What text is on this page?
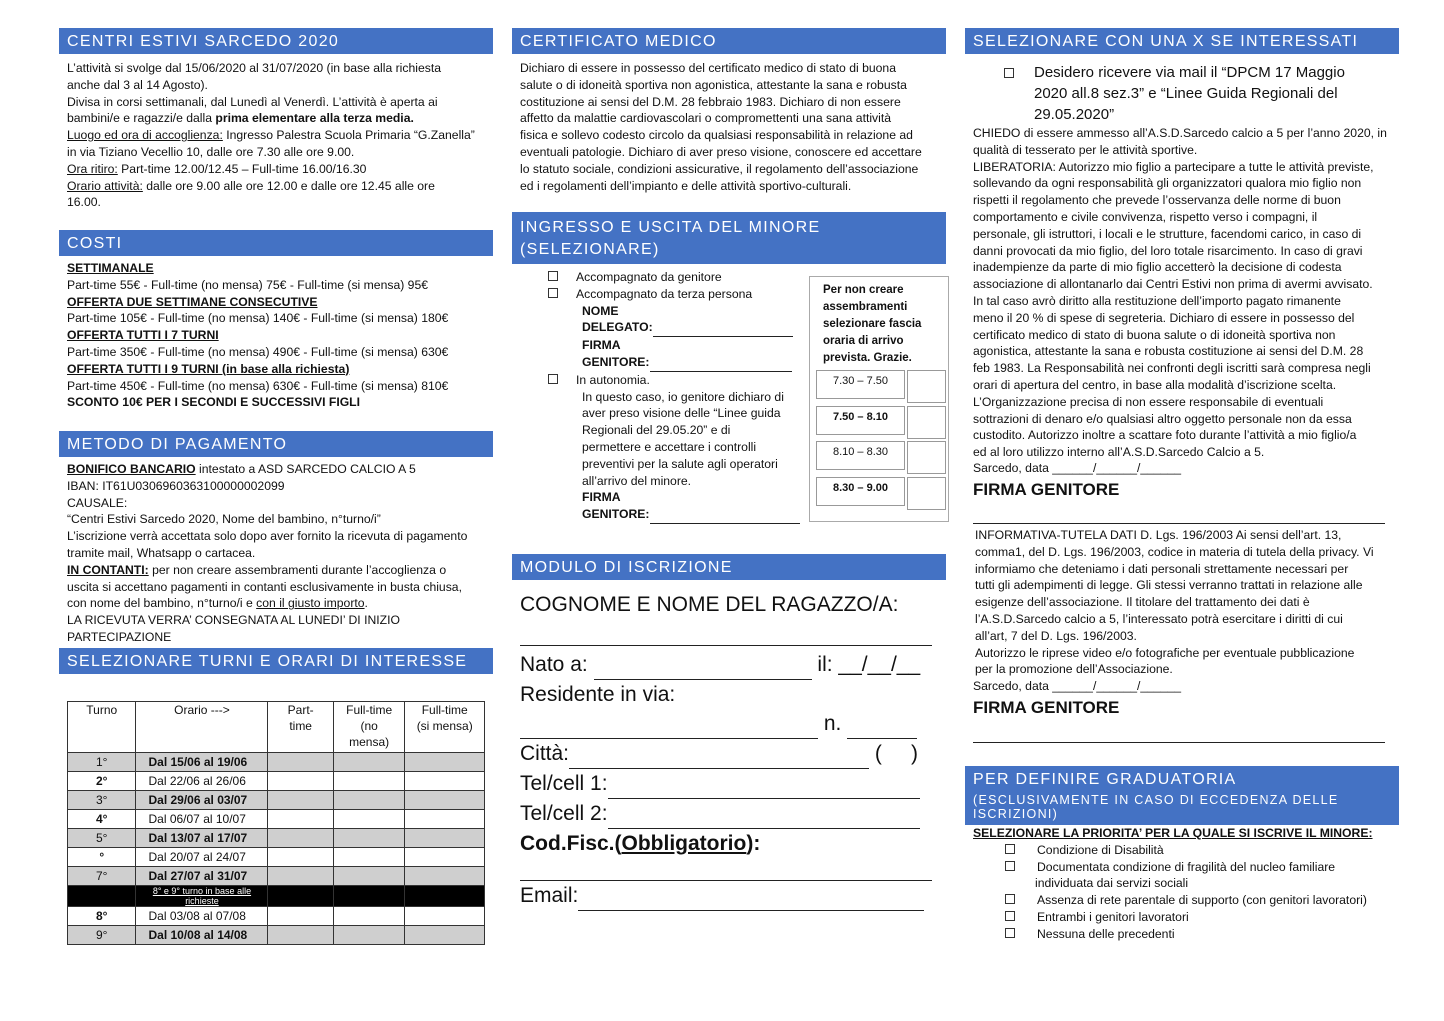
CENTRI ESTIVI SARCEDO 2020

L’attività si svolge dal 15/06/2020 al 31/07/2020 (in base alla richiesta

anche dal 3 al 14 Agosto).

Divisa in corsi settimanali, dal Lunedì al Venerdì. L’attività è aperta ai

bambini/e e ragazzi/e dalla prima elementare alla terza media.

Luogo ed ora di accoglienza: Ingresso Palestra Scuola Primaria “G.Zanella”

in via Tiziano Vecellio 10, dalle ore 7.30 alle ore 9.00.

Ora ritiro: Part-time 12.00/12.45 – Full-time 16.00/16.30

Orario attività: dalle ore 9.00 alle ore 12.00 e dalle ore 12.45 alle ore

16.00.

COSTI

SETTIMANALE

Part-time 55€ - Full-time (no mensa) 75€ - Full-time (si mensa) 95€

OFFERTA DUE SETTIMANE CONSECUTIVE

Part-time 105€ - Full-time (no mensa) 140€ - Full-time (si mensa) 180€

OFFERTA TUTTI I 7 TURNI

Part-time 350€ - Full-time (no mensa) 490€ - Full-time (si mensa) 630€

OFFERTA TUTTI I 9 TURNI (in base alla richiesta)

Part-time 450€ - Full-time (no mensa) 630€ - Full-time (si mensa) 810€

SCONTO 10€ PER I SECONDI E SUCCESSIVI FIGLI

METODO DI PAGAMENTO

BONIFICO BANCARIO intestato a ASD SARCEDO CALCIO A 5

IBAN: IT61U0306960363100000002099

CAUSALE:

“Centri Estivi Sarcedo 2020, Nome del bambino, n°turno/i”

L’iscrizione verrà accettata solo dopo aver fornito la ricevuta di pagamento

tramite mail, Whatsapp o cartacea.

IN CONTANTI: per non creare assembramenti durante l’accoglienza o

uscita si accettano pagamenti in contanti esclusivamente in busta chiusa,

con nome del bambino, n°turno/i e con il giusto importo.

LA RICEVUTA VERRA’ CONSEGNATA AL LUNEDI’ DI INIZIO PARTECIPAZIONE

SELEZIONARE TURNI E ORARI DI INTERESSE
Turno	Orario --->	Part-
time	Full-time
(no
mensa)	Full-time
(si mensa)
1°	Dal 15/06 al 19/06			
2°	Dal 22/06 al 26/06			
3°	Dal 29/06 al 03/07			
4°	Dal 06/07 al 10/07			
5°	Dal 13/07 al 17/07			
°	Dal 20/07 al 24/07			
7°	Dal 27/07 al 31/07			
	8° e 9° turno in base alle richieste			
8°	Dal 03/08 al 07/08			
9°	Dal 10/08 al 14/08			
CERTIFICATO MEDICO

Dichiaro di essere in possesso del certificato medico di stato di buona

salute o di idoneità sportiva non agonistica, attestante la sana e robusta

costituzione ai sensi del D.M. 28 febbraio 1983. Dichiaro di non essere

affetto da malattie cardiovascolari o compromettenti una sana attività

fisica e sollevo codesto circolo da qualsiasi responsabilità in relazione ad

eventuali patologie. Dichiaro di aver preso visione, conoscere ed accettare

lo statuto sociale, condizioni assicurative, il regolamento dell’associazione

ed i regolamenti dell’impianto e delle attività sportivo-culturali.

INGRESSO E USCITA DEL MINORE
(SELEZIONARE)

Accompagnato da genitore

Accompagnato da terza persona

NOME

DELEGATO:

FIRMA

GENITORE:

In autonomia.

In questo caso, io genitore dichiaro di

aver preso visione delle “Linee guida

Regionali del 29.05.20” e di

permettere e accettare i controlli

preventivi per la salute agli operatori

all’arrivo del minore.

FIRMA

GENITORE:

Per non creare
assembramenti
selezionare fascia
oraria di arrivo
prevista. Grazie.
7.30 – 7.50
7.50 – 8.10
8.10 – 8.30
8.30 – 9.00
MODULO DI ISCRIZIONE
COGNOME E NOME DEL RAGAZZO/A:
Nato a:	il: __/__/__
Residente in via:
n.
Città:	(     )
Tel/cell 1:
Tel/cell 2:
Cod.Fisc.(Obbligatorio):
Email:
SELEZIONARE CON UNA X SE INTERESSATI
Desidero ricevere via mail il “DPCM 17 Maggio
2020 all.8 sez.3” e “Linee Guida Regionali del
29.05.2020”

CHIEDO di essere ammesso all’A.S.D.Sarcedo calcio a 5 per l’anno 2020, in

qualità di tesserato per le attività sportive.

LIBERATORIA: Autorizzo mio figlio a partecipare a tutte le attività previste,

sollevando da ogni responsabilità gli organizzatori qualora mio figlio non

rispetti il regolamento che prevede l’osservanza delle norme di buon

comportamento e civile convivenza, rispetto verso i compagni, il

personale, gli istruttori, i locali e le strutture, facendomi carico, in caso di

danni provocati da mio figlio, del loro totale risarcimento. In caso di gravi

inadempienze da parte di mio figlio accetterò la decisione di codesta

associazione di allontanarlo dai Centri Estivi non prima di avermi avvisato.

In tal caso avrò diritto alla restituzione dell’importo pagato rimanente

meno il 20 % di spese di segreteria. Dichiaro di essere in possesso del

certificato medico di stato di buona salute o di idoneità sportiva non

agonistica, attestante la sana e robusta costituzione ai sensi del D.M. 28

feb 1983. La Responsabilità nei confronti degli iscritti sarà compresa negli

orari di apertura del centro, in base alla modalità d’iscrizione scelta.

L’Organizzazione precisa di non essere responsabile di eventuali

sottrazioni di denaro e/o qualsiasi altro oggetto personale non da essa

custodito. Autorizzo inoltre a scattare foto durante l’attività a mio figlio/a

ed al loro utilizzo interno all’A.S.D.Sarcedo Calcio a 5.

Sarcedo, data ______/______/______
FIRMA GENITORE

INFORMATIVA-TUTELA DATI D. Lgs. 196/2003 Ai sensi dell’art. 13,

comma1, del D. Lgs. 196/2003, codice in materia di tutela della privacy. Vi

informiamo che deteniamo i dati personali strettamente necessari per

tutti gli adempimenti di legge. Gli stessi verranno trattati in relazione alle

esigenze dell’associazione. Il titolare del trattamento dei dati è

l’A.S.D.Sarcedo calcio a 5, l’interessato potrà esercitare i diritti di cui

all’art, 7 del D. Lgs. 196/2003.

Autorizzo le riprese video e/o fotografiche per eventuale pubblicazione

per la promozione dell’Associazione.

Sarcedo, data ______/______/______
FIRMA GENITORE
PER DEFINIRE GRADUATORIA
(ESCLUSIVAMENTE IN CASO DI ECCEDENZA DELLE ISCRIZIONI)

SELEZIONARE LA PRIORITA’ PER LA QUALE SI ISCRIVE IL MINORE:

Condizione di Disabilità

Documentata condizione di fragilità del nucleo familiare

individuata dai servizi sociali

Assenza di rete parentale di supporto (con genitori lavoratori)

Entrambi i genitori lavoratori

Nessuna delle precedenti
